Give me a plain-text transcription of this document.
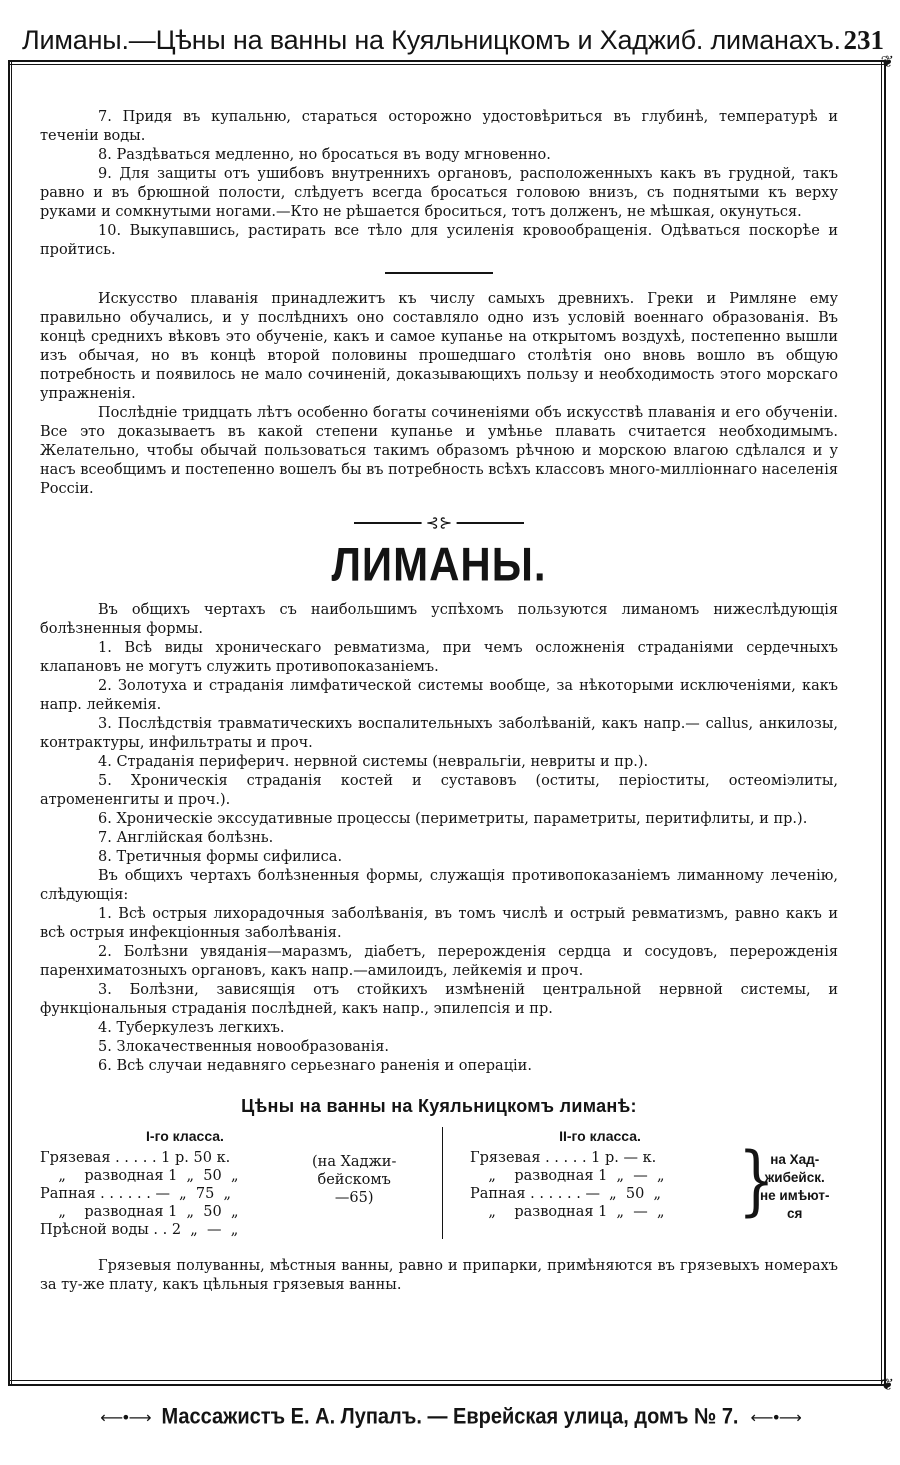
Лиманы.—Цѣны на ванны на Куяльницкомъ и Хаджиб. лиманахъ. 231
❦
❦

7. Придя въ купальню, стараться осторожно удостовѣриться въ глубинѣ, температурѣ и теченіи воды.

8. Раздѣваться медленно, но бросаться въ воду мгновенно.

9. Для защиты отъ ушибовъ внутреннихъ органовъ, расположенныхъ какъ въ грудной, такъ равно и въ брюшной полости, слѣдуетъ всегда бросаться головою внизъ, съ поднятыми къ верху руками и сомкнутыми ногами.—Кто не рѣшается броситься, тотъ долженъ, не мѣшкая, окунуться.

10. Выкупавшись, растирать все тѣло для усиленія кровообращенія. Одѣваться поскорѣе и пройтись.

Искусство плаванія принадлежитъ къ числу самыхъ древнихъ. Греки и Римляне ему правильно обучались, и у послѣднихъ оно составляло одно изъ условій военнаго образованія. Въ концѣ среднихъ вѣковъ это обученіе, какъ и самое купанье на открытомъ воздухѣ, постепенно вышли изъ обычая, но въ концѣ второй половины прошедшаго столѣтія оно вновь вошло въ общую потребность и появилось не мало сочиненій, доказывающихъ пользу и необходимость этого морскаго упражненія.

Послѣдніе тридцать лѣтъ особенно богаты сочиненіями объ искусствѣ плаванія и его обученіи. Все это доказываетъ въ какой степени купанье и умѣнье плавать считается необходимымъ. Желательно, чтобы обычай пользоваться такимъ образомъ рѣчною и морскою влагою сдѣлался и у насъ всеобщимъ и постепенно вошелъ бы въ потребность всѣхъ классовъ много-милліоннаго населенія Россіи.

⊰⊱
ЛИМАНЫ.

Въ общихъ чертахъ съ наибольшимъ успѣхомъ пользуются лиманомъ нижеслѣдующія болѣзненныя формы.

1. Всѣ виды хроническаго ревматизма, при чемъ осложненія страданіями сердечныхъ клапановъ не могутъ служить противопоказаніемъ.

2. Золотуха и страданія лимфатической системы вообще, за нѣкоторыми исключеніями, какъ напр. лейкемія.

3. Послѣдствія травматическихъ воспалительныхъ заболѣваній, какъ напр.— callus, анкилозы, контрактуры, инфильтраты и проч.

4. Страданія периферич. нервной системы (невральгіи, невриты и пр.).

5. Хроническія страданія костей и суставовъ (оститы, періоститы, остеоміэлиты, атромененгиты и проч.).

6. Хроническіе экссудативные процессы (периметриты, параметриты, перитифлиты, и пр.).

7. Англійская болѣзнь.

8. Третичныя формы сифилиса.

Въ общихъ чертахъ болѣзненныя формы, служащія противопоказаніемъ лиманному леченію, слѣдующія:

1. Всѣ острыя лихорадочныя заболѣванія, въ томъ числѣ и острый ревматизмъ, равно какъ и всѣ острыя инфекціонныя заболѣванія.

2. Болѣзни увяданія—маразмъ, діабетъ, перерожденія сердца и сосудовъ, перерожденія паренхиматозныхъ органовъ, какъ напр.—амилоидъ, лейкемія и проч.

3. Болѣзни, зависящія отъ стойкихъ измѣненій центральной нервной системы, и функціональныя страданія послѣдней, какъ напр., эпилепсія и пр.

4. Туберкулезъ легкихъ.

5. Злокачественныя новообразованія.

6. Всѣ случаи недавняго серьезнаго раненія и операціи.

Цѣны на ванны на Куяльницкомъ лиманѣ:
I-го класса.
Грязевая . . . . . 1 р. 50 к.
„    разводная 1  „  50  „
Рапная . . . . . . —  „  75  „
„    разводная 1  „  50  „
Прѣсной воды . . 2  „  —  „
(на Хаджи-
бейскомъ
—65)
II-го класса.
Грязевая . . . . . 1 р. — к.
„    разводная 1  „  —  „
Рапная . . . . . . —  „  50  „
„    разводная 1  „  —  „	}
на Хад-
жибейск.
не имѣют-
ся

Грязевыя полуванны, мѣстныя ванны, равно и припарки, примѣняются въ грязевыхъ номерахъ за ту-же плату, какъ цѣльныя грязевыя ванны.

⟵•⟶ Массажистъ Е. А. Лупалъ. — Еврейская улица, домъ № 7. ⟵•⟶
